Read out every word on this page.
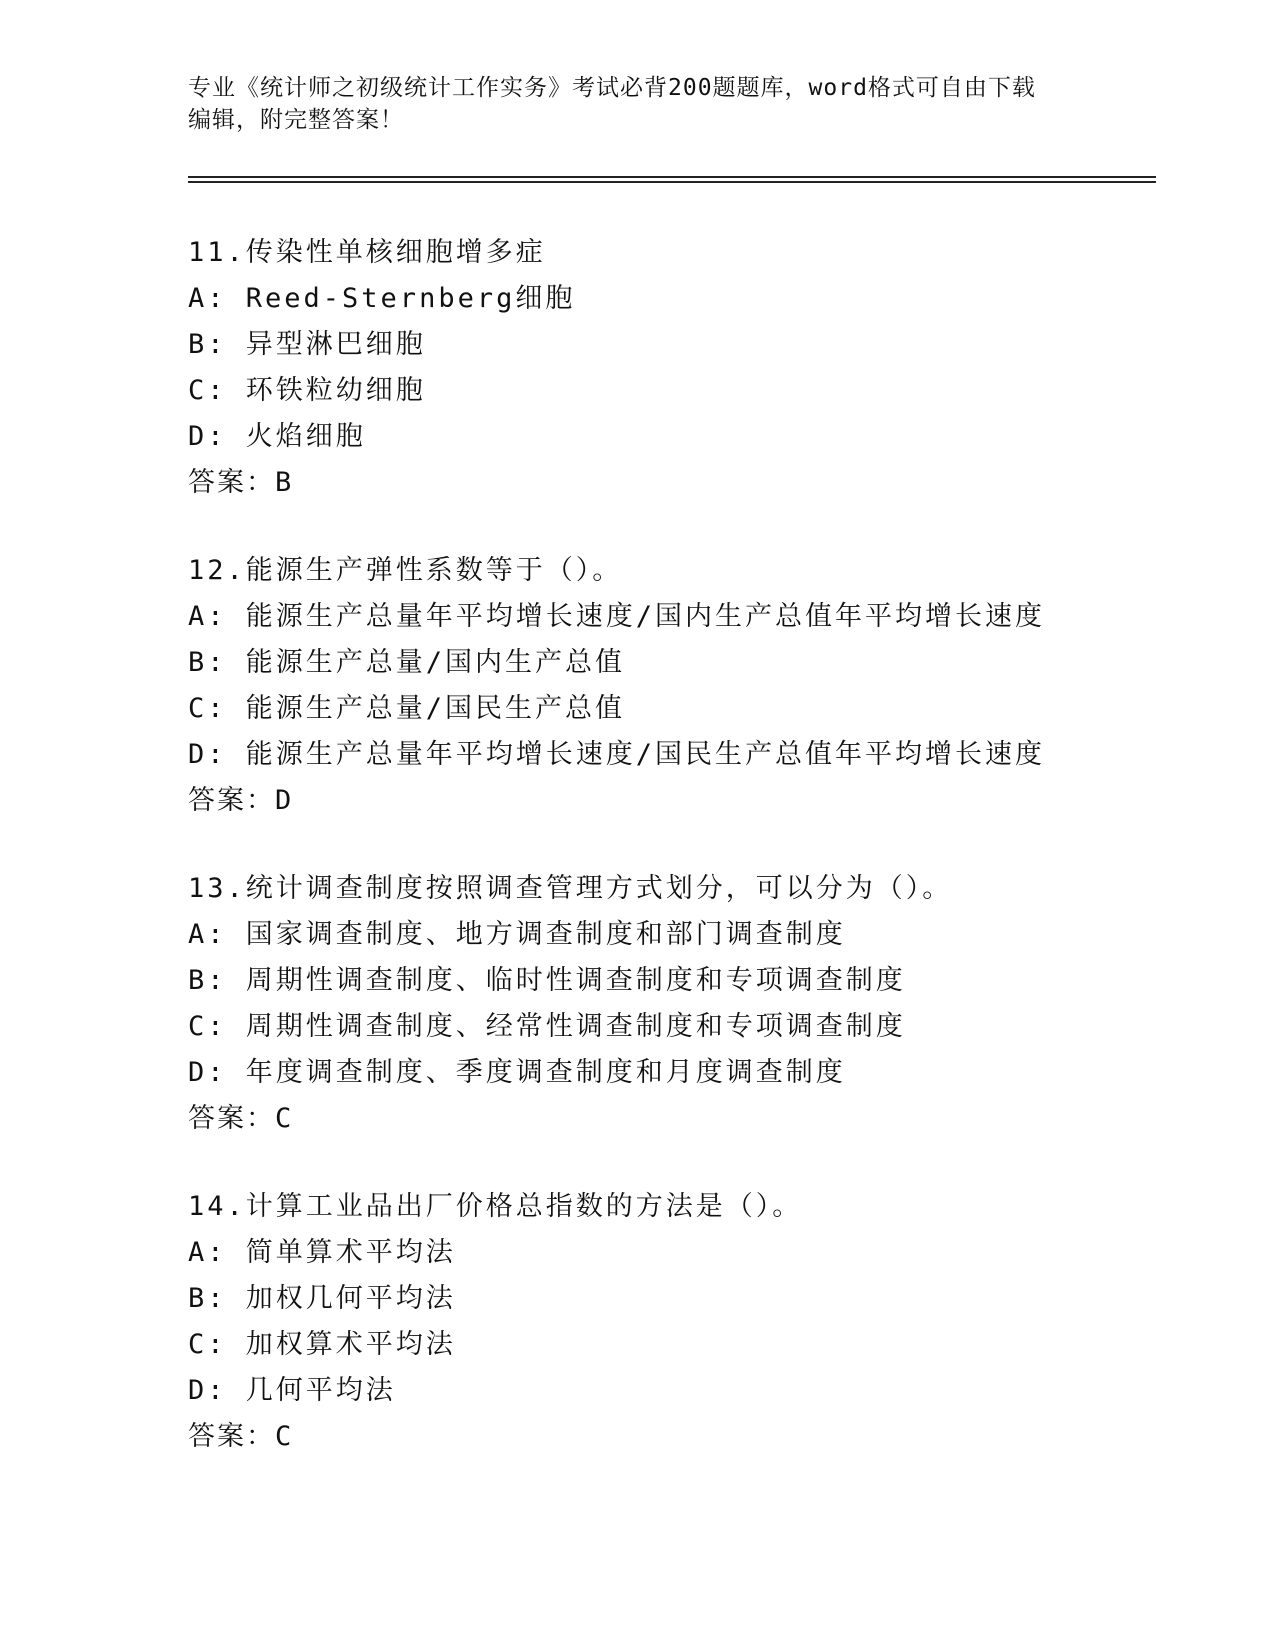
专业《统计师之初级统计工作实务》考试必背200题题库，word格式可自由下载
编辑，附完整答案！
11.传染性单核细胞增多症
A: Reed-Sternberg细胞
B: 异型淋巴细胞
C: 环铁粒幼细胞
D: 火焰细胞
答案：B
12.能源生产弹性系数等于（）。
A: 能源生产总量年平均增长速度/国内生产总值年平均增长速度
B: 能源生产总量/国内生产总值
C: 能源生产总量/国民生产总值
D: 能源生产总量年平均增长速度/国民生产总值年平均增长速度
答案：D
13.统计调查制度按照调查管理方式划分，可以分为（）。
A: 国家调查制度、地方调查制度和部门调查制度
B: 周期性调查制度、临时性调查制度和专项调查制度
C: 周期性调查制度、经常性调查制度和专项调查制度
D: 年度调查制度、季度调查制度和月度调查制度
答案：C
14.计算工业品出厂价格总指数的方法是（）。
A: 简单算术平均法
B: 加权几何平均法
C: 加权算术平均法
D: 几何平均法
答案：C
